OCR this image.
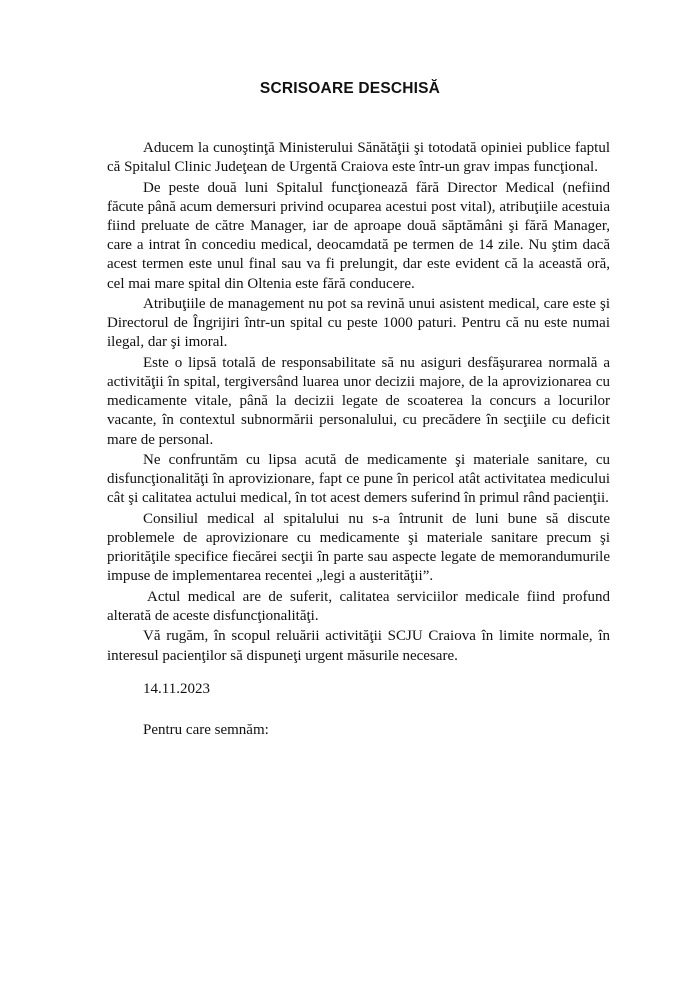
SCRISOARE DESCHISĂ

Aducem la cunoştinţă Ministerului Sănătăţii şi totodată opiniei publice faptul că Spitalul Clinic Judeţean de Urgentă Craiova este într-un grav impas funcţional.

De peste două luni Spitalul funcţionează fără Director Medical (nefiind făcute până acum demersuri privind ocuparea acestui post vital), atribuţiile acestuia fiind preluate de către Manager, iar de aproape două săptămâni şi fără Manager, care a intrat în concediu medical, deocamdată pe termen de 14 zile. Nu ştim dacă acest termen este unul final sau va fi prelungit, dar este evident că la această oră, cel mai mare spital din Oltenia este fără conducere.

Atribuţiile de management nu pot sa revină unui asistent medical, care este şi Directorul de Îngrijiri într-un spital cu peste 1000 paturi. Pentru că nu este numai ilegal, dar şi imoral.

Este o lipsă totală de responsabilitate să nu asiguri desfăşurarea normală a activităţii în spital, tergiversând luarea unor decizii majore, de la aprovizionarea cu medicamente vitale, până la decizii legate de scoaterea la concurs a locurilor vacante, în contextul subnormării personalului, cu precădere în secţiile cu deficit mare de personal.

Ne confruntăm cu lipsa acută de medicamente şi materiale sanitare, cu disfuncţionalităţi în aprovizionare, fapt ce pune în pericol atât activitatea medicului cât şi calitatea actului medical, în tot acest demers suferind în primul rând pacienţii.

Consiliul medical al spitalului nu s-a întrunit de luni bune să discute problemele de aprovizionare cu medicamente şi materiale sanitare precum şi priorităţile specifice fiecărei secţii în parte sau aspecte legate de memorandumurile impuse de implementarea recentei „legi a austerităţii”.

Actul medical are de suferit, calitatea serviciilor medicale fiind profund alterată de aceste disfuncţionalităţi.

Vă rugăm, în scopul reluării activităţii SCJU Craiova în limite normale, în interesul pacienţilor să dispuneţi urgent măsurile necesare.

14.11.2023
Pentru care semnăm:
